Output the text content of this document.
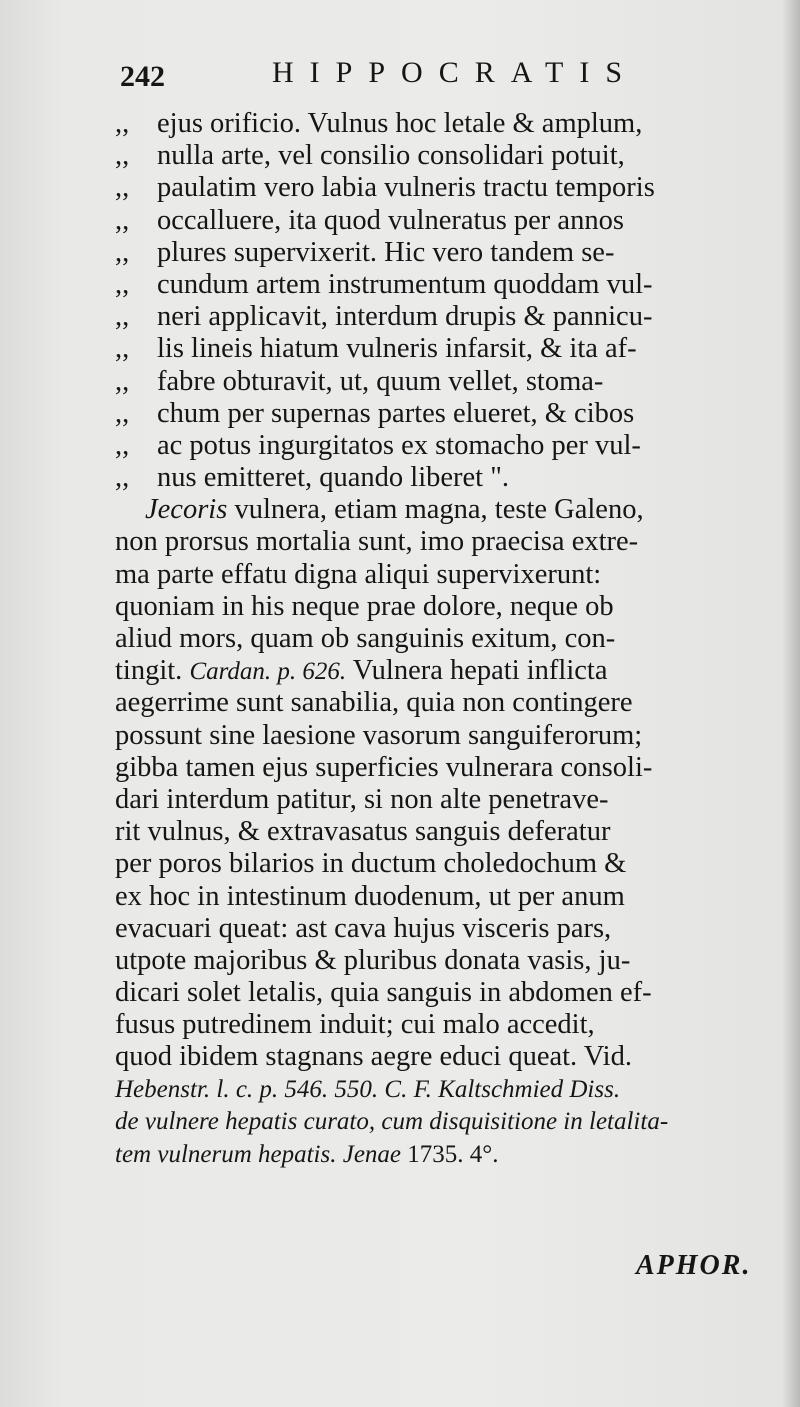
242	HIPPOCRATIS
,, ejus orificio. Vulnus hoc letale & amplum,
,, nulla arte, vel consilio consolidari potuit,
,, paulatim vero labia vulneris tractu temporis
,, occalluere, ita quod vulneratus per annos
,, plures supervixerit. Hic vero tandem se-
,, cundum artem instrumentum quoddam vul-
,, neri applicavit, interdum drupis & pannicu-
,, lis lineis hiatum vulneris infarsit, & ita af-
,, fabre obturavit, ut, quum vellet, stoma-
,, chum per supernas partes elueret, & cibos
,, ac potus ingurgitatos ex stomacho per vul-
,, nus emitteret, quando liberet ".
Jecoris vulnera, etiam magna, teste Galeno,
non prorsus mortalia sunt, imo praecisa extre-
ma parte effatu digna aliqui supervixerunt:
quoniam in his neque prae dolore, neque ob
aliud mors, quam ob sanguinis exitum, con-
tingit. Cardan. p. 626. Vulnera hepati inflicta
aegerrime sunt sanabilia, quia non contingere
possunt sine laesione vasorum sanguiferorum;
gibba tamen ejus superficies vulnerara consoli-
dari interdum patitur, si non alte penetrave-
rit vulnus, & extravasatus sanguis deferatur
per poros bilarios in ductum choledochum &
ex hoc in intestinum duodenum, ut per anum
evacuari queat: ast cava hujus visceris pars,
utpote majoribus & pluribus donata vasis, ju-
dicari solet letalis, quia sanguis in abdomen ef-
fusus putredinem induit; cui malo accedit,
quod ibidem stagnans aegre educi queat. Vid.
Hebenstr. l. c. p. 546. 550. C. F. Kaltschmied Diss.
de vulnere hepatis curato, cum disquisitione in letalita-
tem vulnerum hepatis. Jenae 1735. 4°.
APHOR.
